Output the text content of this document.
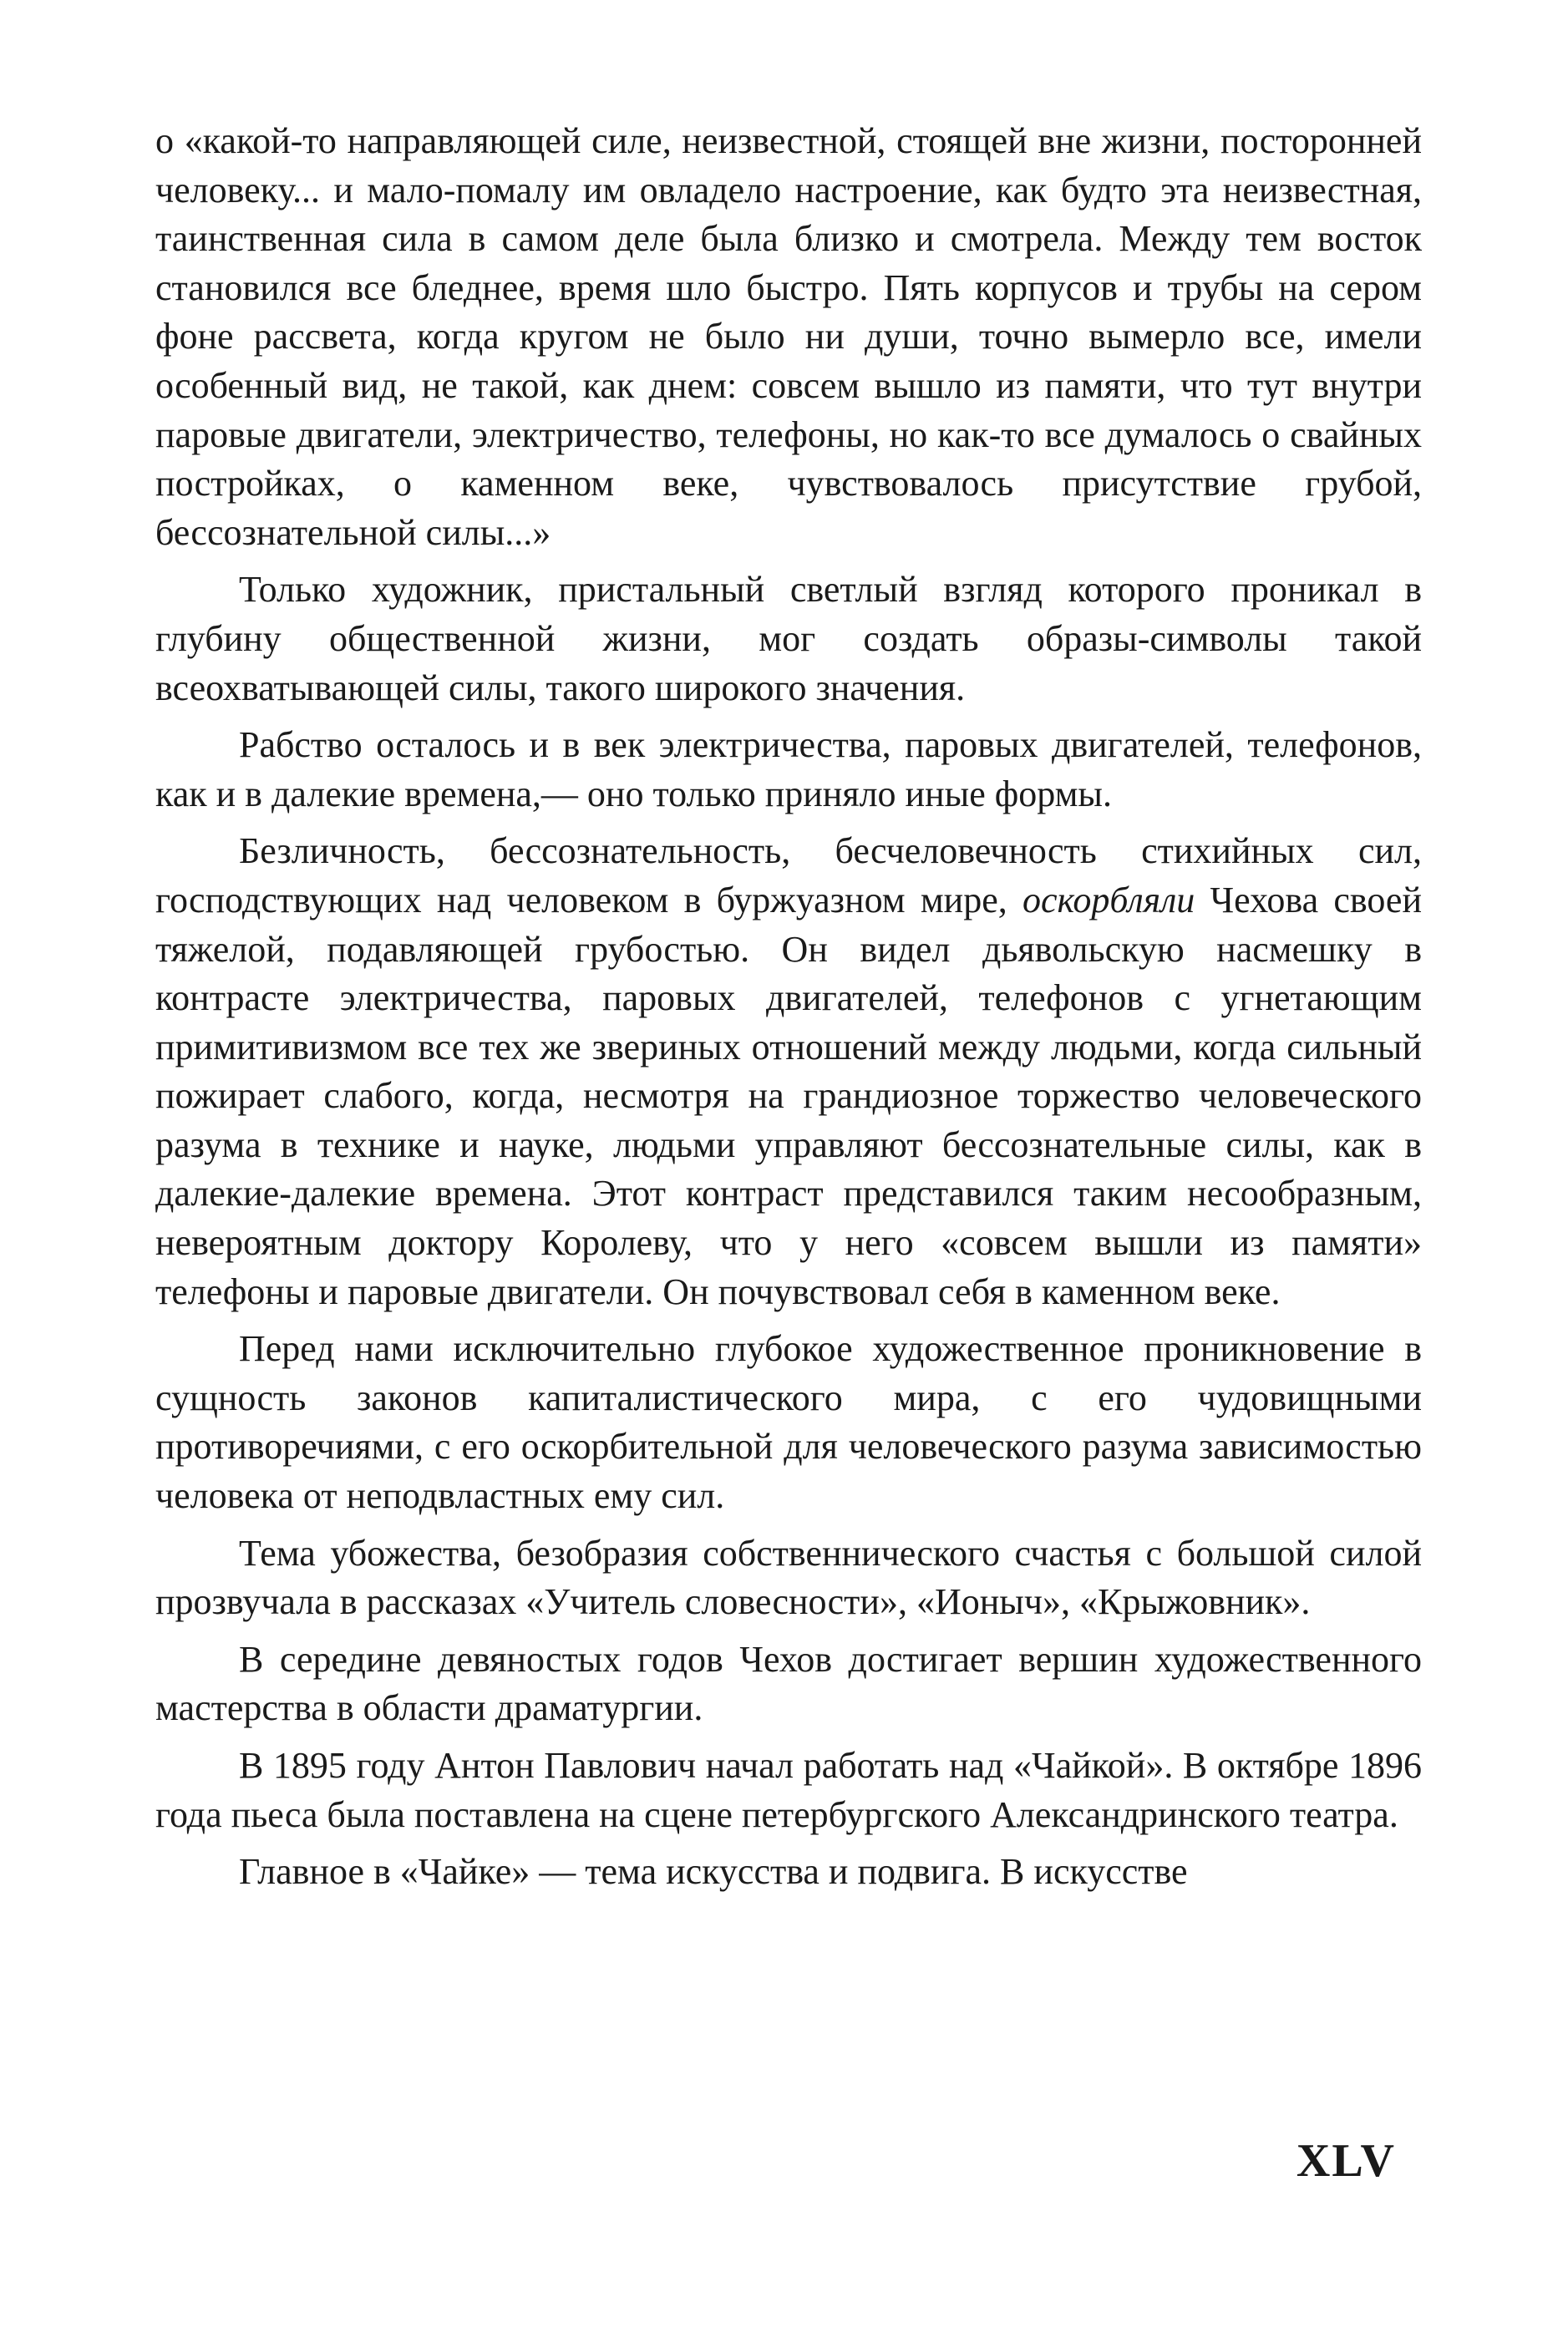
о «какой-то направляющей силе, неизвестной, стоящей вне жизни, посторонней человеку... и мало-помалу им овладело настроение, как будто эта неизвестная, таинственная сила в самом деле была близко и смотрела. Между тем восток становился все бледнее, время шло быстро. Пять корпусов и трубы на сером фоне рассвета, когда кругом не было ни души, точно вымерло все, имели особенный вид, не такой, как днем: совсем вышло из памяти, что тут внутри паровые двигатели, электричество, телефоны, но как-то все думалось о свайных постройках, о каменном веке, чувствовалось присутствие грубой, бессознательной силы...»

Только художник, пристальный светлый взгляд которого проникал в глубину общественной жизни, мог создать образы-символы такой всеохватывающей силы, такого широкого значения.

Рабство осталось и в век электричества, паровых двигателей, телефонов, как и в далекие времена,— оно только приняло иные формы.

Безличность, бессознательность, бесчеловечность стихийных сил, господствующих над человеком в буржуазном мире, оскорбляли Чехова своей тяжелой, подавляющей грубостью. Он видел дьявольскую насмешку в контрасте электричества, паровых двигателей, телефонов с угнетающим примитивизмом все тех же звериных отношений между людьми, когда сильный пожирает слабого, когда, несмотря на грандиозное торжество человеческого разума в технике и науке, людьми управляют бессознательные силы, как в далекие-далекие времена. Этот контраст представился таким несообразным, невероятным доктору Королеву, что у него «совсем вышли из памяти» телефоны и паровые двигатели. Он почувствовал себя в каменном веке.

Перед нами исключительно глубокое художественное проникновение в сущность законов капиталистического мира, с его чудовищными противоречиями, с его оскорбительной для человеческого разума зависимостью человека от неподвластных ему сил.

Тема убожества, безобразия собственнического счастья с большой силой прозвучала в рассказах «Учитель словесности», «Ионыч», «Крыжовник».

В середине девяностых годов Чехов достигает вершин художественного мастерства в области драматургии.

В 1895 году Антон Павлович начал работать над «Чайкой». В октябре 1896 года пьеса была поставлена на сцене петербургского Александринского театра.

Главное в «Чайке» — тема искусства и подвига. В искусстве

XLV
